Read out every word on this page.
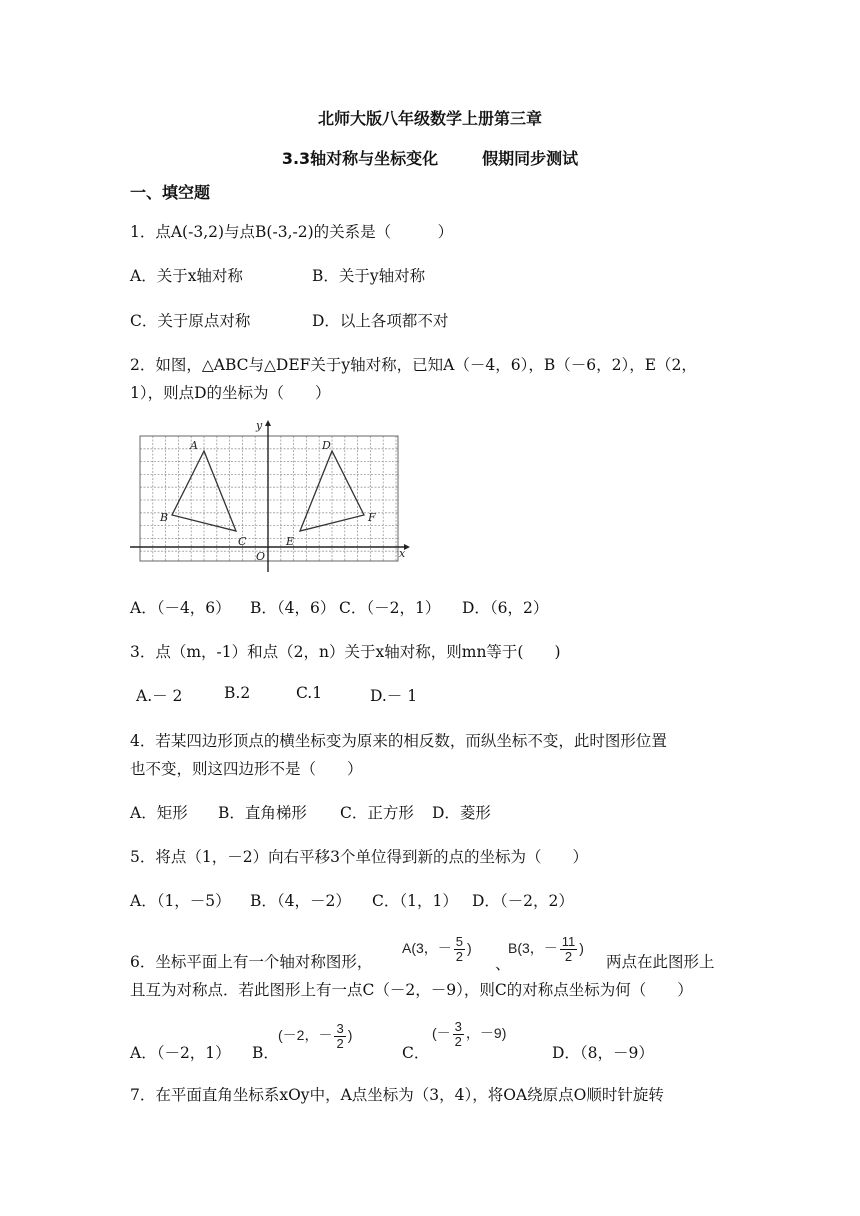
北师大版八年级数学上册第三章
3.3轴对称与坐标变化	假期同步测试
一、填空题
1．点A(-3,2)与点B(-3,-2)的关系是（　　　）
A．关于x轴对称	B．关于y轴对称
C．关于原点对称	D．以上各项都不对
2．如图，△ABC与△DEF关于y轴对称，已知A（－4，6），B（－6，2），E（2，
1），则点D的坐标为（　　）
A
B
C
D
E
F
O	x
y
A．（－4，6） B．（4，6） C．（－2，1） D．（6，2）
3．点（m，-1）和点（2，n）关于x轴对称，则mn等于(　　)
A.－ 2	B.2	C.1	D.－ 1
4．若某四边形顶点的横坐标变为原来的相反数，而纵坐标不变，此时图形位置
也不变，则这四边形不是（　　）
A．矩形 B．直角梯形 C．正方形 D．菱形
5．将点（1，－2）向右平移3个单位得到新的点的坐标为（　　）
A．（1，－5） B．（4，－2） C．（1，1） D．（－2，2）
6．坐标平面上有一个轴对称图形，
A(3，－ $\frac{5}{2}$ )
、
B(3，－ $\frac{11}{2}$ )
两点在此图形上
且互为对称点．若此图形上有一点C（－2，－9），则C的对称点坐标为何（　　）
A．（－2，1） B．
(－2，－ $\frac{3}{2}$ )
C．
(－ $\frac{3}{2}$ ，－9)
D．（8，－9）
7．在平面直角坐标系xOy中，A点坐标为（3，4），将OA绕原点O顺时针旋转
